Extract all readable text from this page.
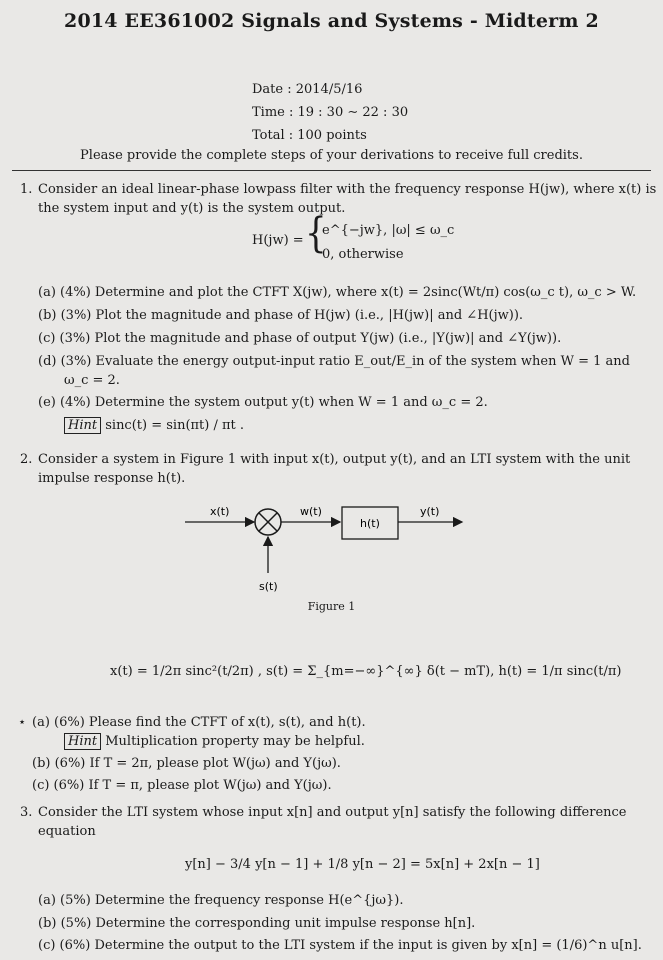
2014 EE361002 Signals and Systems - Midterm 2
Date : 2014/5/16
Time : 19 : 30 ∼ 22 : 30
Total : 100 points
Please provide the complete steps of your derivations to receive full credits.
1. Consider an ideal linear-phase lowpass filter with the frequency response H(jw), where x(t) is
the system input and y(t) is the system output.
H(jw) = {
e^{−jw}, |ω| ≤ ω_c
0, otherwise
(a) (4%) Determine and plot the CTFT X(jw), where x(t) = 2sinc(Wt/π) cos(ω_c t), ω_c > W.
(b) (3%) Plot the magnitude and phase of H(jw) (i.e., |H(jw)| and ∠H(jw)).
(c) (3%) Plot the magnitude and phase of output Y(jw) (i.e., |Y(jw)| and ∠Y(jw)).
(d) (3%) Evaluate the energy output-input ratio E_out/E_in of the system when W = 1 and
ω_c = 2.
(e) (4%) Determine the system output y(t) when W = 1 and ω_c = 2.
Hint sinc(t) = sin(πt) / πt .
2. Consider a system in Figure 1 with input x(t), output y(t), and an LTI system with the unit
impulse response h(t).
x(t)	w(t)	y(t)
h(t)
s(t)
Figure 1
x(t) = 1/2π sinc²(t/2π) , s(t) = Σ_{m=−∞}^{∞} δ(t − mT), h(t) = 1/π sinc(t/π)
⋆ (a) (6%) Please find the CTFT of x(t), s(t), and h(t).
Hint Multiplication property may be helpful.
(b) (6%) If T = 2π, please plot W(jω) and Y(jω).
(c) (6%) If T = π, please plot W(jω) and Y(jω).
3. Consider the LTI system whose input x[n] and output y[n] satisfy the following difference
equation
y[n] − 3/4 y[n − 1] + 1/8 y[n − 2] = 5x[n] + 2x[n − 1]
(a) (5%) Determine the frequency response H(e^{jω}).
(b) (5%) Determine the corresponding unit impulse response h[n].
(c) (6%) Determine the output to the LTI system if the input is given by x[n] = (1/6)^n u[n].
